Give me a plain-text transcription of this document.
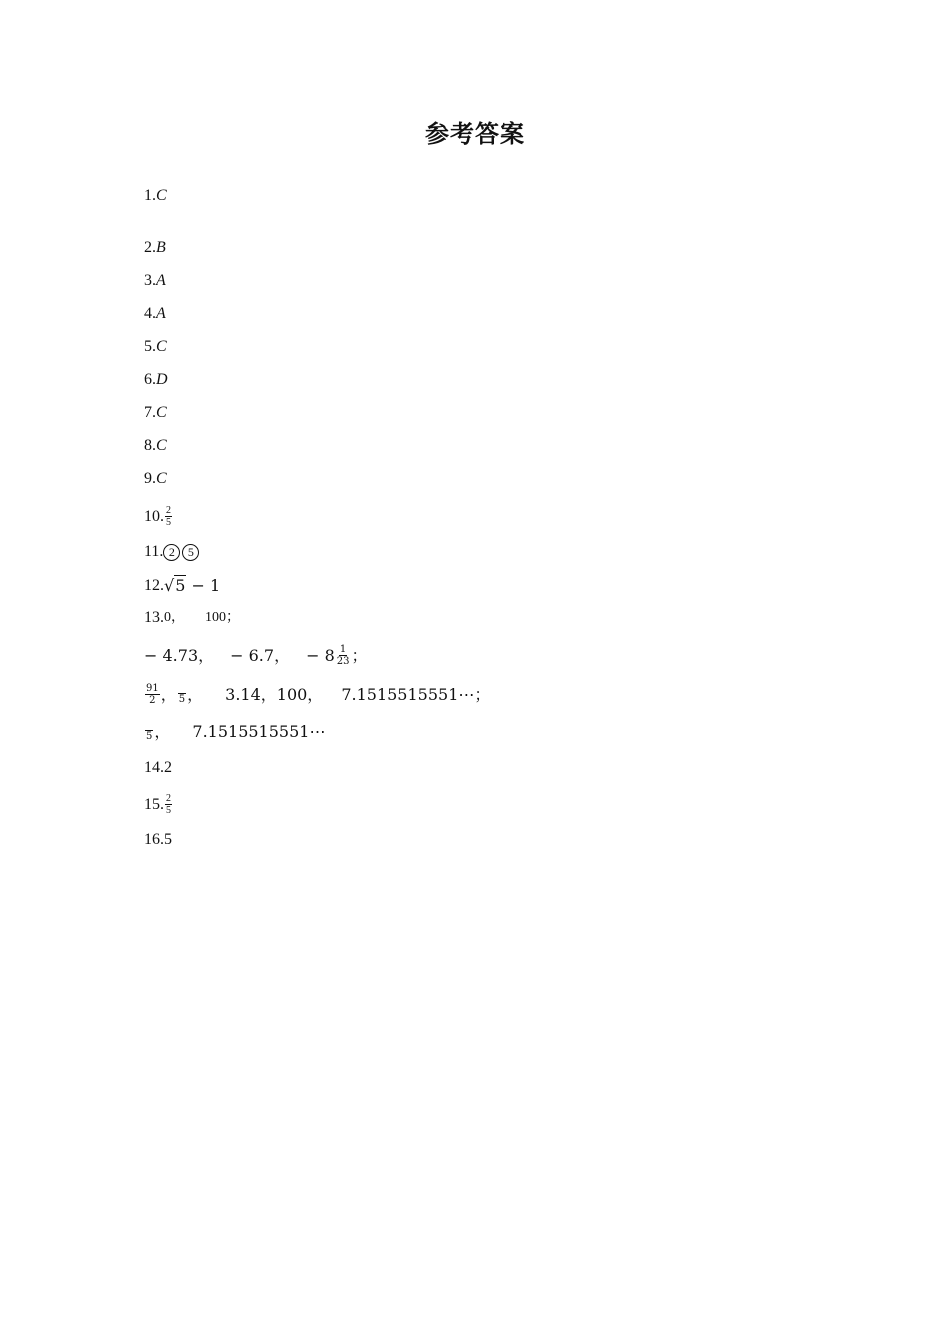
参考答案
1. C
2. B
3. A
4. A
5. C
6. D
7. C
8. C
9. C
10. $\frac{2}{5}$
11. 2	5
12. √ 5 − 1
13. 0， 100；
− 4.73， − 6.7， − $8 \frac{1}{23}$ ；
$\frac{91}{2}$ ， 5 ， 3.14，100， 7.1515515551⋯；
5 ， 7.1515515551⋯
14. 2
15. $\frac{2}{5}$
16. 5
